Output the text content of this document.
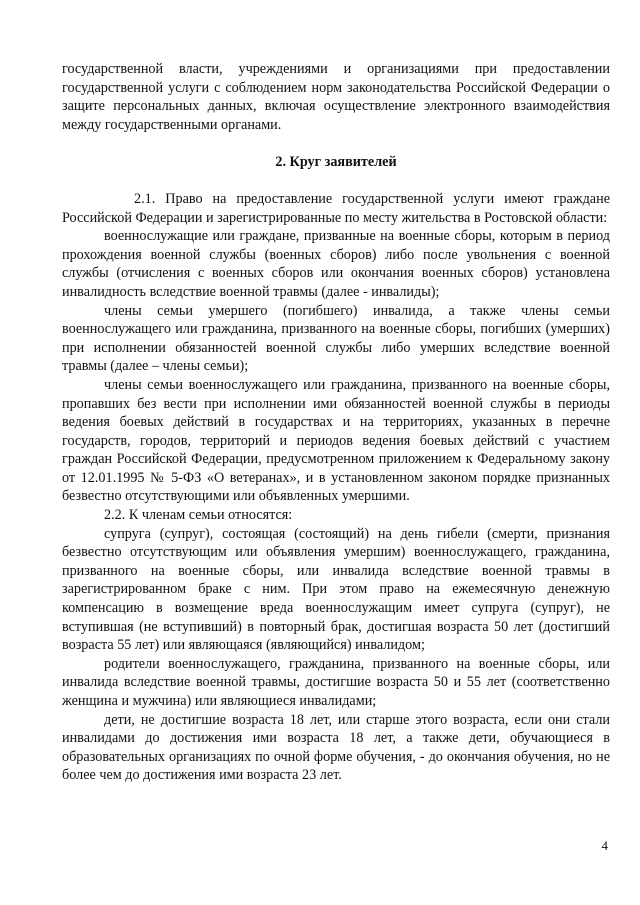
государственной власти, учреждениями и организациями при предоставлении государственной услуги с соблюдением норм законодательства Российской Федерации о защите персональных данных, включая осуществление электронного взаимодействия между государственными органами.

2. Круг заявителей

2.1. Право на предоставление государственной услуги имеют граждане Российской Федерации и зарегистрированные по месту жительства в Ростовской области:

военнослужащие или граждане, призванные на военные сборы, которым в период прохождения военной службы (военных сборов) либо после увольнения с военной службы (отчисления с военных сборов или окончания военных сборов) установлена инвалидность вследствие военной травмы (далее - инвалиды);

члены семьи умершего (погибшего) инвалида, а также члены семьи военнослужащего или гражданина, призванного на военные сборы, погибших (умерших) при исполнении обязанностей военной службы либо умерших вследствие военной травмы (далее – члены семьи);

члены семьи военнослужащего или гражданина, призванного на военные сборы, пропавших без вести при исполнении ими обязанностей военной службы в периоды ведения боевых действий в государствах и на территориях, указанных в перечне государств, городов, территорий и периодов ведения боевых действий с участием граждан Российской Федерации, предусмотренном приложением к Федеральному закону от 12.01.1995 № 5-ФЗ «О ветеранах», и в установленном законом порядке признанных безвестно отсутствующими или объявленных умершими.

2.2. К членам семьи относятся:

супруга (супруг), состоящая (состоящий) на день гибели (смерти, признания безвестно отсутствующим или объявления умершим) военнослужащего, гражданина, призванного на военные сборы, или инвалида вследствие военной травмы в зарегистрированном браке с ним. При этом право на ежемесячную денежную компенсацию в возмещение вреда военнослужащим имеет супруга (супруг), не вступившая (не вступивший) в повторный брак, достигшая возраста 50 лет (достигший возраста 55 лет) или являющаяся (являющийся) инвалидом;

родители военнослужащего, гражданина, призванного на военные сборы, или инвалида вследствие военной травмы, достигшие возраста 50 и 55 лет (соответственно женщина и мужчина) или являющиеся инвалидами;

дети, не достигшие возраста 18 лет, или старше этого возраста, если они стали инвалидами до достижения ими возраста 18 лет, а также дети, обучающиеся в образовательных организациях по очной форме обучения, - до окончания обучения, но не более чем до достижения ими возраста 23 лет.

4
